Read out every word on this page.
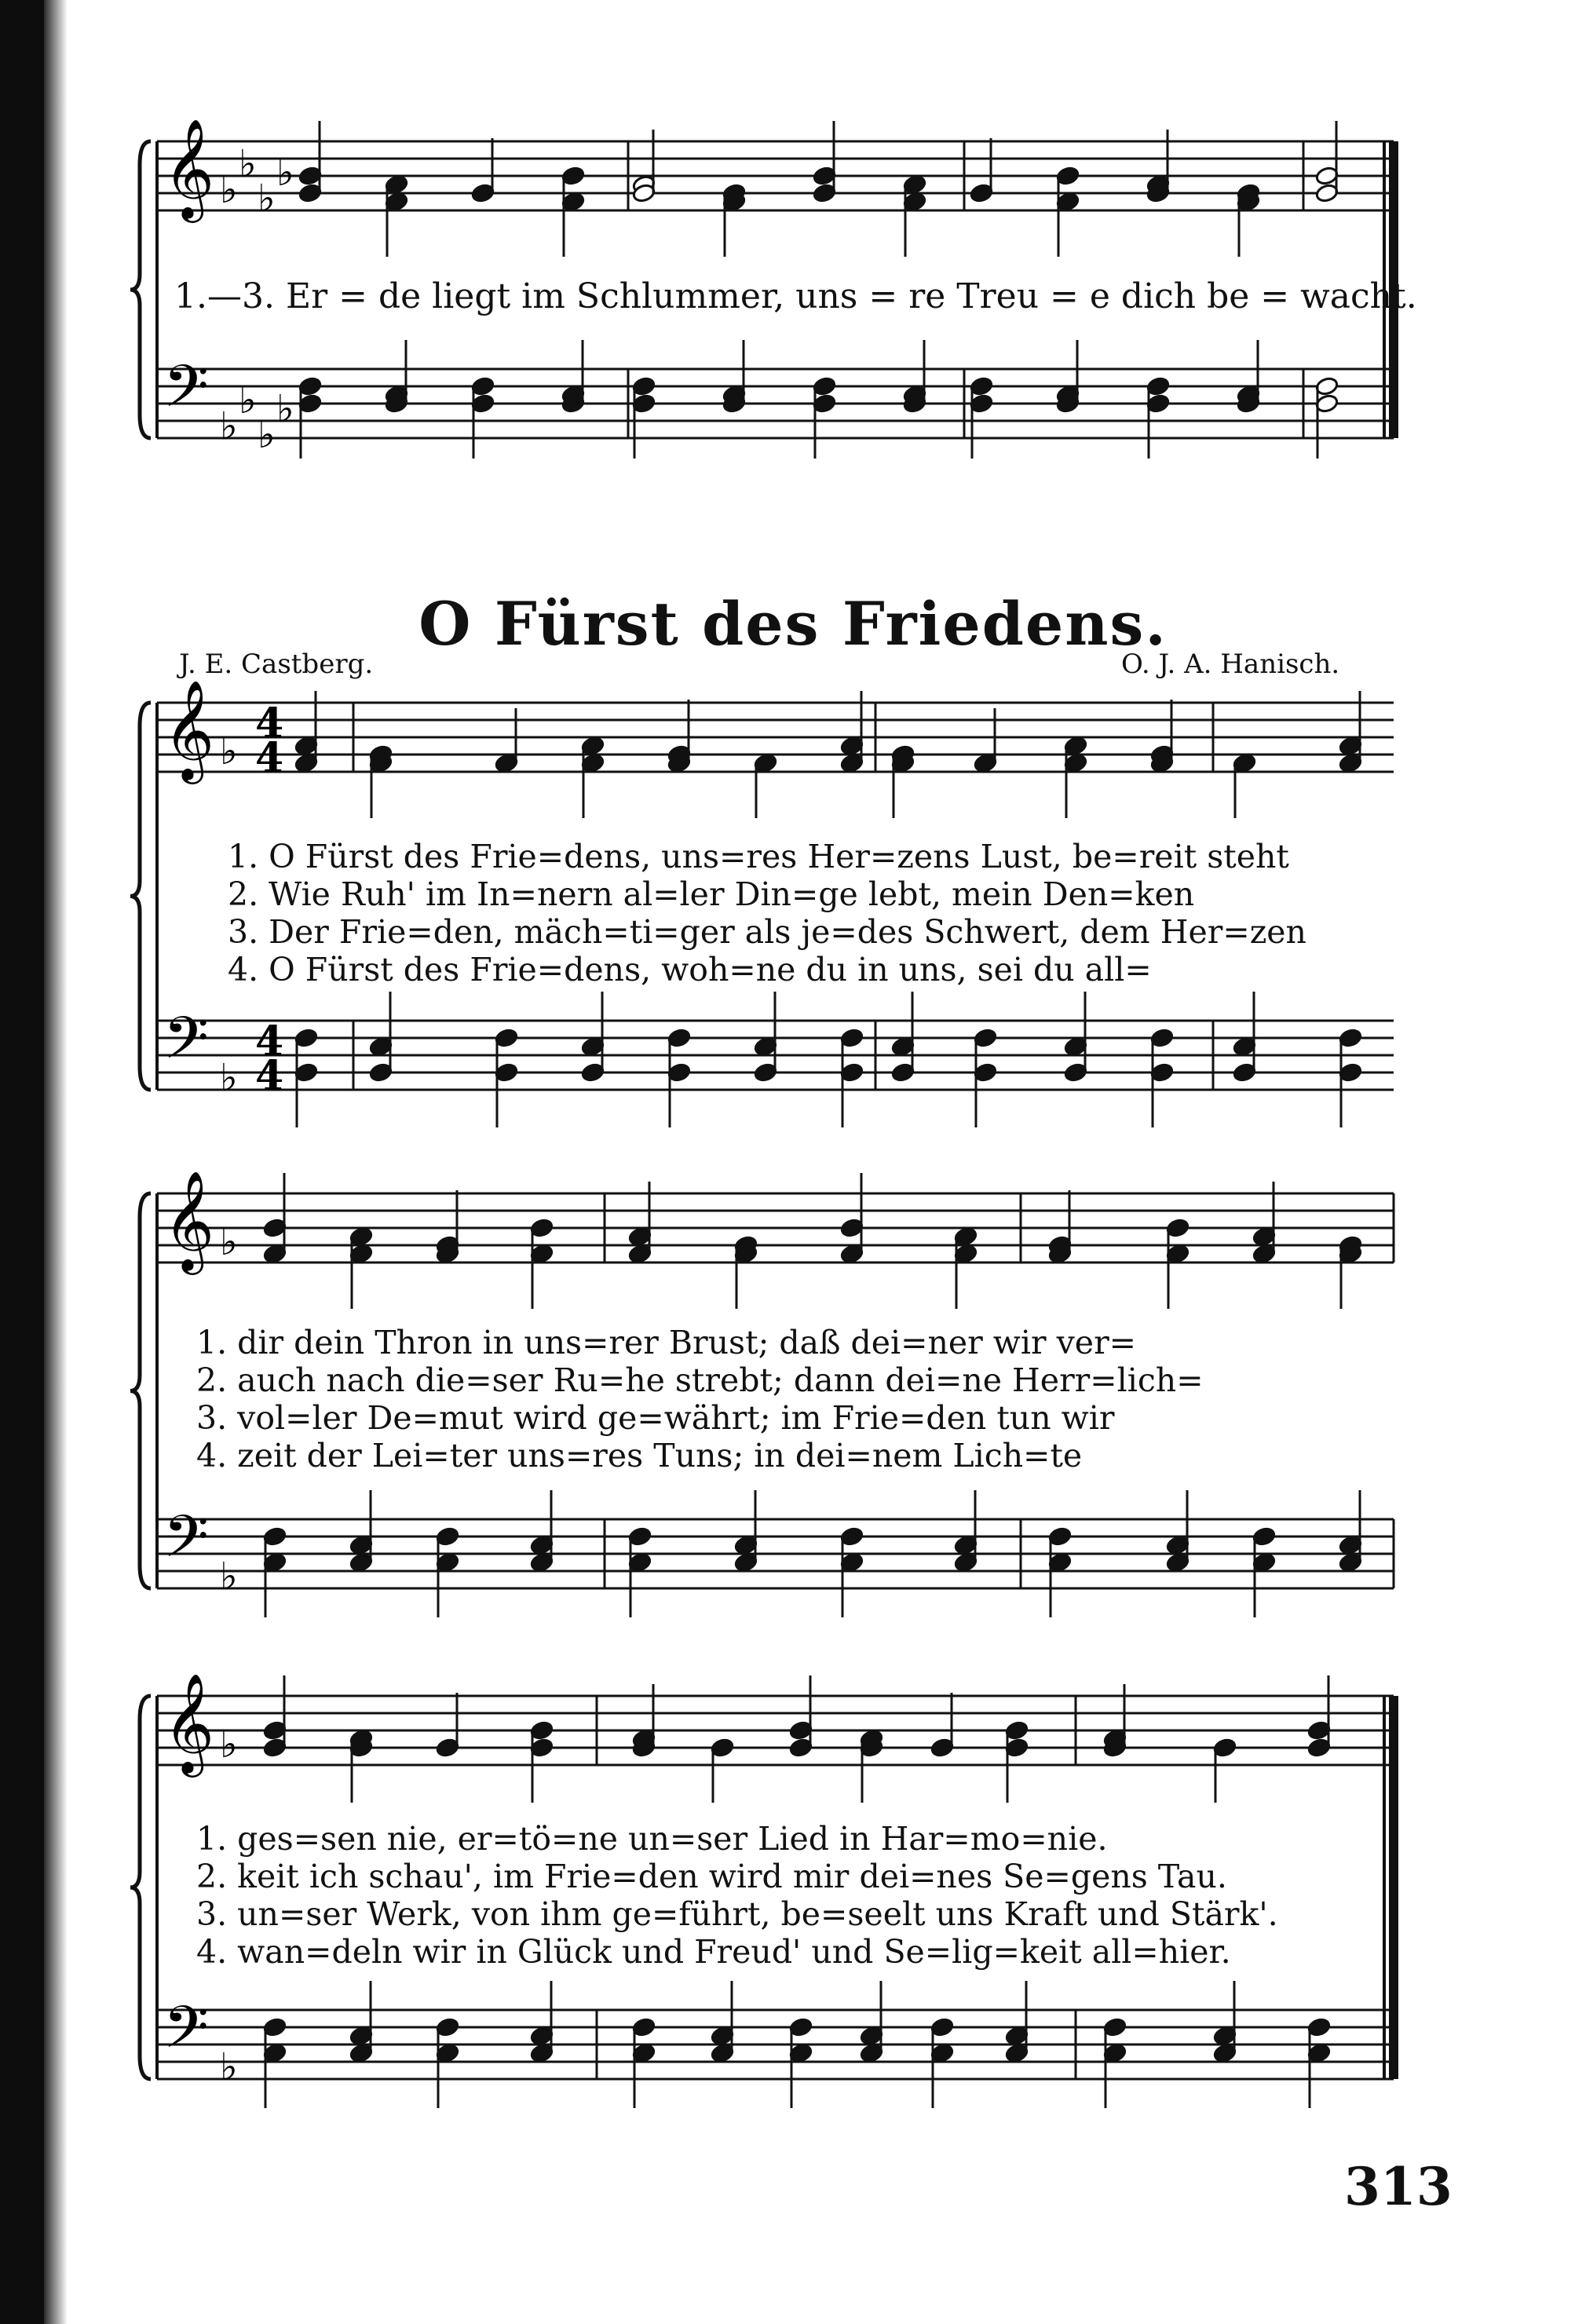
𝄞
𝄢
♭
♭
♭
♭
♭
♭
♭
♭
𝄞
𝄢
♭
♭
4
4
4
4
𝄞
𝄢
♭
♭
𝄞
𝄢
♭
♭
1.—3. Er = de liegt im Schlummer, uns = re Treu = e dich be = wacht.
O Fürst des Friedens.
J. E. Castberg.	O. J. A. Hanisch.
1. O Fürst des Frie=dens, uns=res Her=zens Lust, be=reit steht
2. Wie Ruh' im In=nern al=ler Din=ge lebt, mein Den=ken
3. Der Frie=den, mäch=ti=ger als je=des Schwert, dem Her=zen
4. O Fürst des Frie=dens, woh=ne du in uns, sei du all=
1. dir dein Thron in uns=rer Brust; daß dei=ner wir ver=
2. auch nach die=ser Ru=he strebt; dann dei=ne Herr=lich=
3. vol=ler De=mut wird ge=währt; im Frie=den tun wir
4. zeit der Lei=ter uns=res Tuns; in dei=nem Lich=te
1. ges=sen nie, er=tö=ne un=ser Lied in Har=mo=nie.
2. keit ich schau', im Frie=den wird mir dei=nes Se=gens Tau.
3. un=ser Werk, von ihm ge=führt, be=seelt uns Kraft und Stärk'.
4. wan=deln wir in Glück und Freud' und Se=lig=keit all=hier.
313
